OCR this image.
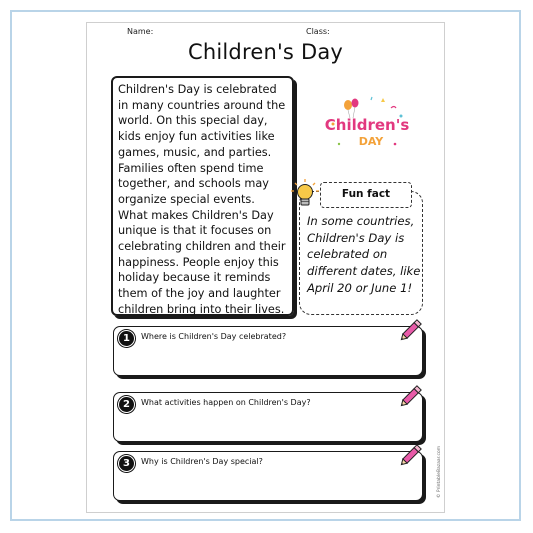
Name:	Class:
Children's Day
Children's Day is celebrated in many countries around the world. On this special day, kids enjoy fun activities like games, music, and parties. Families often spend time together, and schools may organize special events. What makes Children's Day unique is that it focuses on celebrating children and their happiness. People enjoy this holiday because it reminds them of the joy and laughter children bring into their lives.
Children's
DAY
Fun fact
In some countries, Children's Day is celebrated on different dates, like April 20 or June 1!
1	Where is Children's Day celebrated?
2	What activities happen on Children's Day?
3	Why is Children's Day special?	© PrintableBazaar.com
